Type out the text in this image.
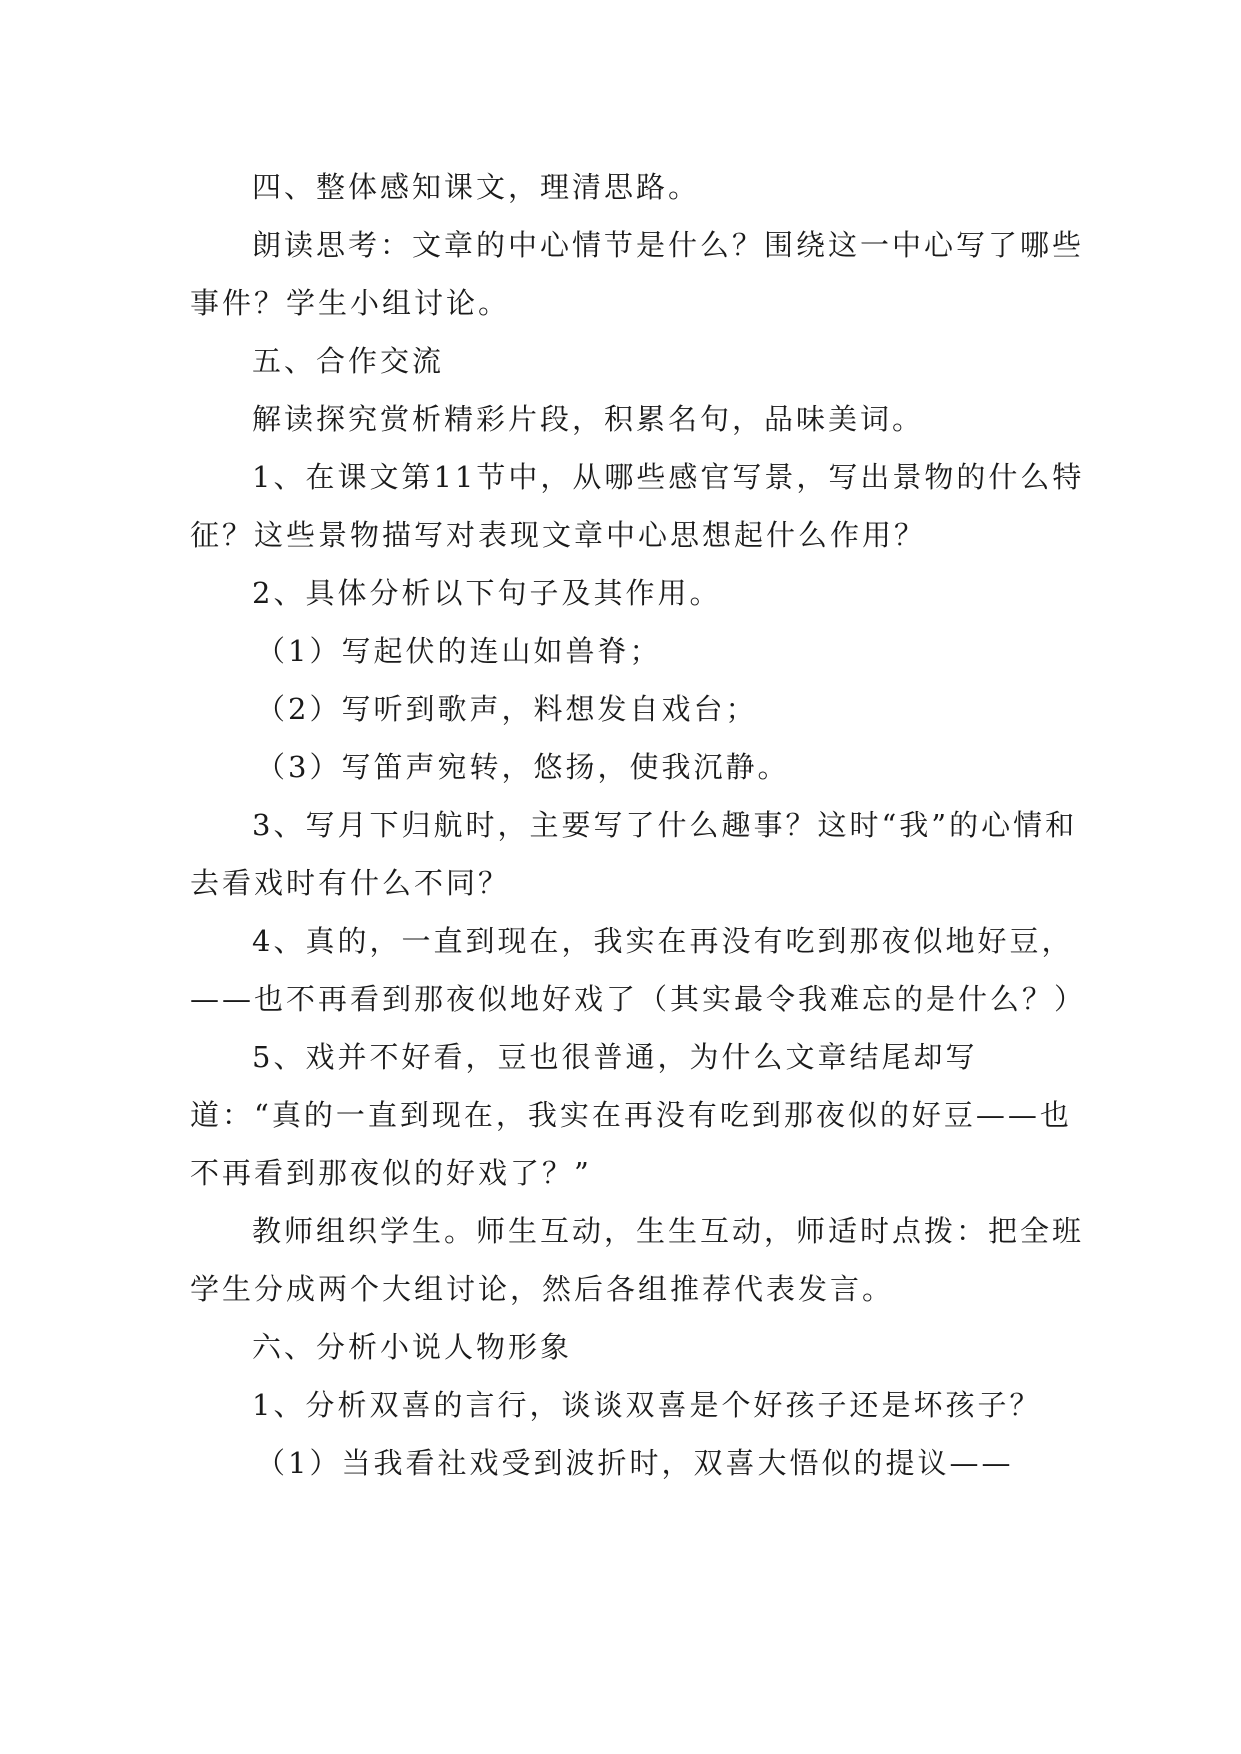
四、整体感知课文，理清思路。

朗读思考：文章的中心情节是什么？围绕这一中心写了哪些事件？学生小组讨论。

五、合作交流

解读探究赏析精彩片段，积累名句，品味美词。

1、在课文第11节中，从哪些感官写景，写出景物的什么特征？这些景物描写对表现文章中心思想起什么作用？

2、具体分析以下句子及其作用。

（1）写起伏的连山如兽脊；

（2）写听到歌声，料想发自戏台；

（3）写笛声宛转，悠扬，使我沉静。

3、写月下归航时，主要写了什么趣事？这时“我”的心情和去看戏时有什么不同？

4、真的，一直到现在，我实在再没有吃到那夜似地好豆，——也不再看到那夜似地好戏了（其实最令我难忘的是什么？）

5、戏并不好看，豆也很普通，为什么文章结尾却写道：“真的一直到现在，我实在再没有吃到那夜似的好豆——也不再看到那夜似的好戏了？”

教师组织学生。师生互动，生生互动，师适时点拨：把全班学生分成两个大组讨论，然后各组推荐代表发言。

六、分析小说人物形象

1、分析双喜的言行，谈谈双喜是个好孩子还是坏孩子？

（1）当我看社戏受到波折时，双喜大悟似的提议——
